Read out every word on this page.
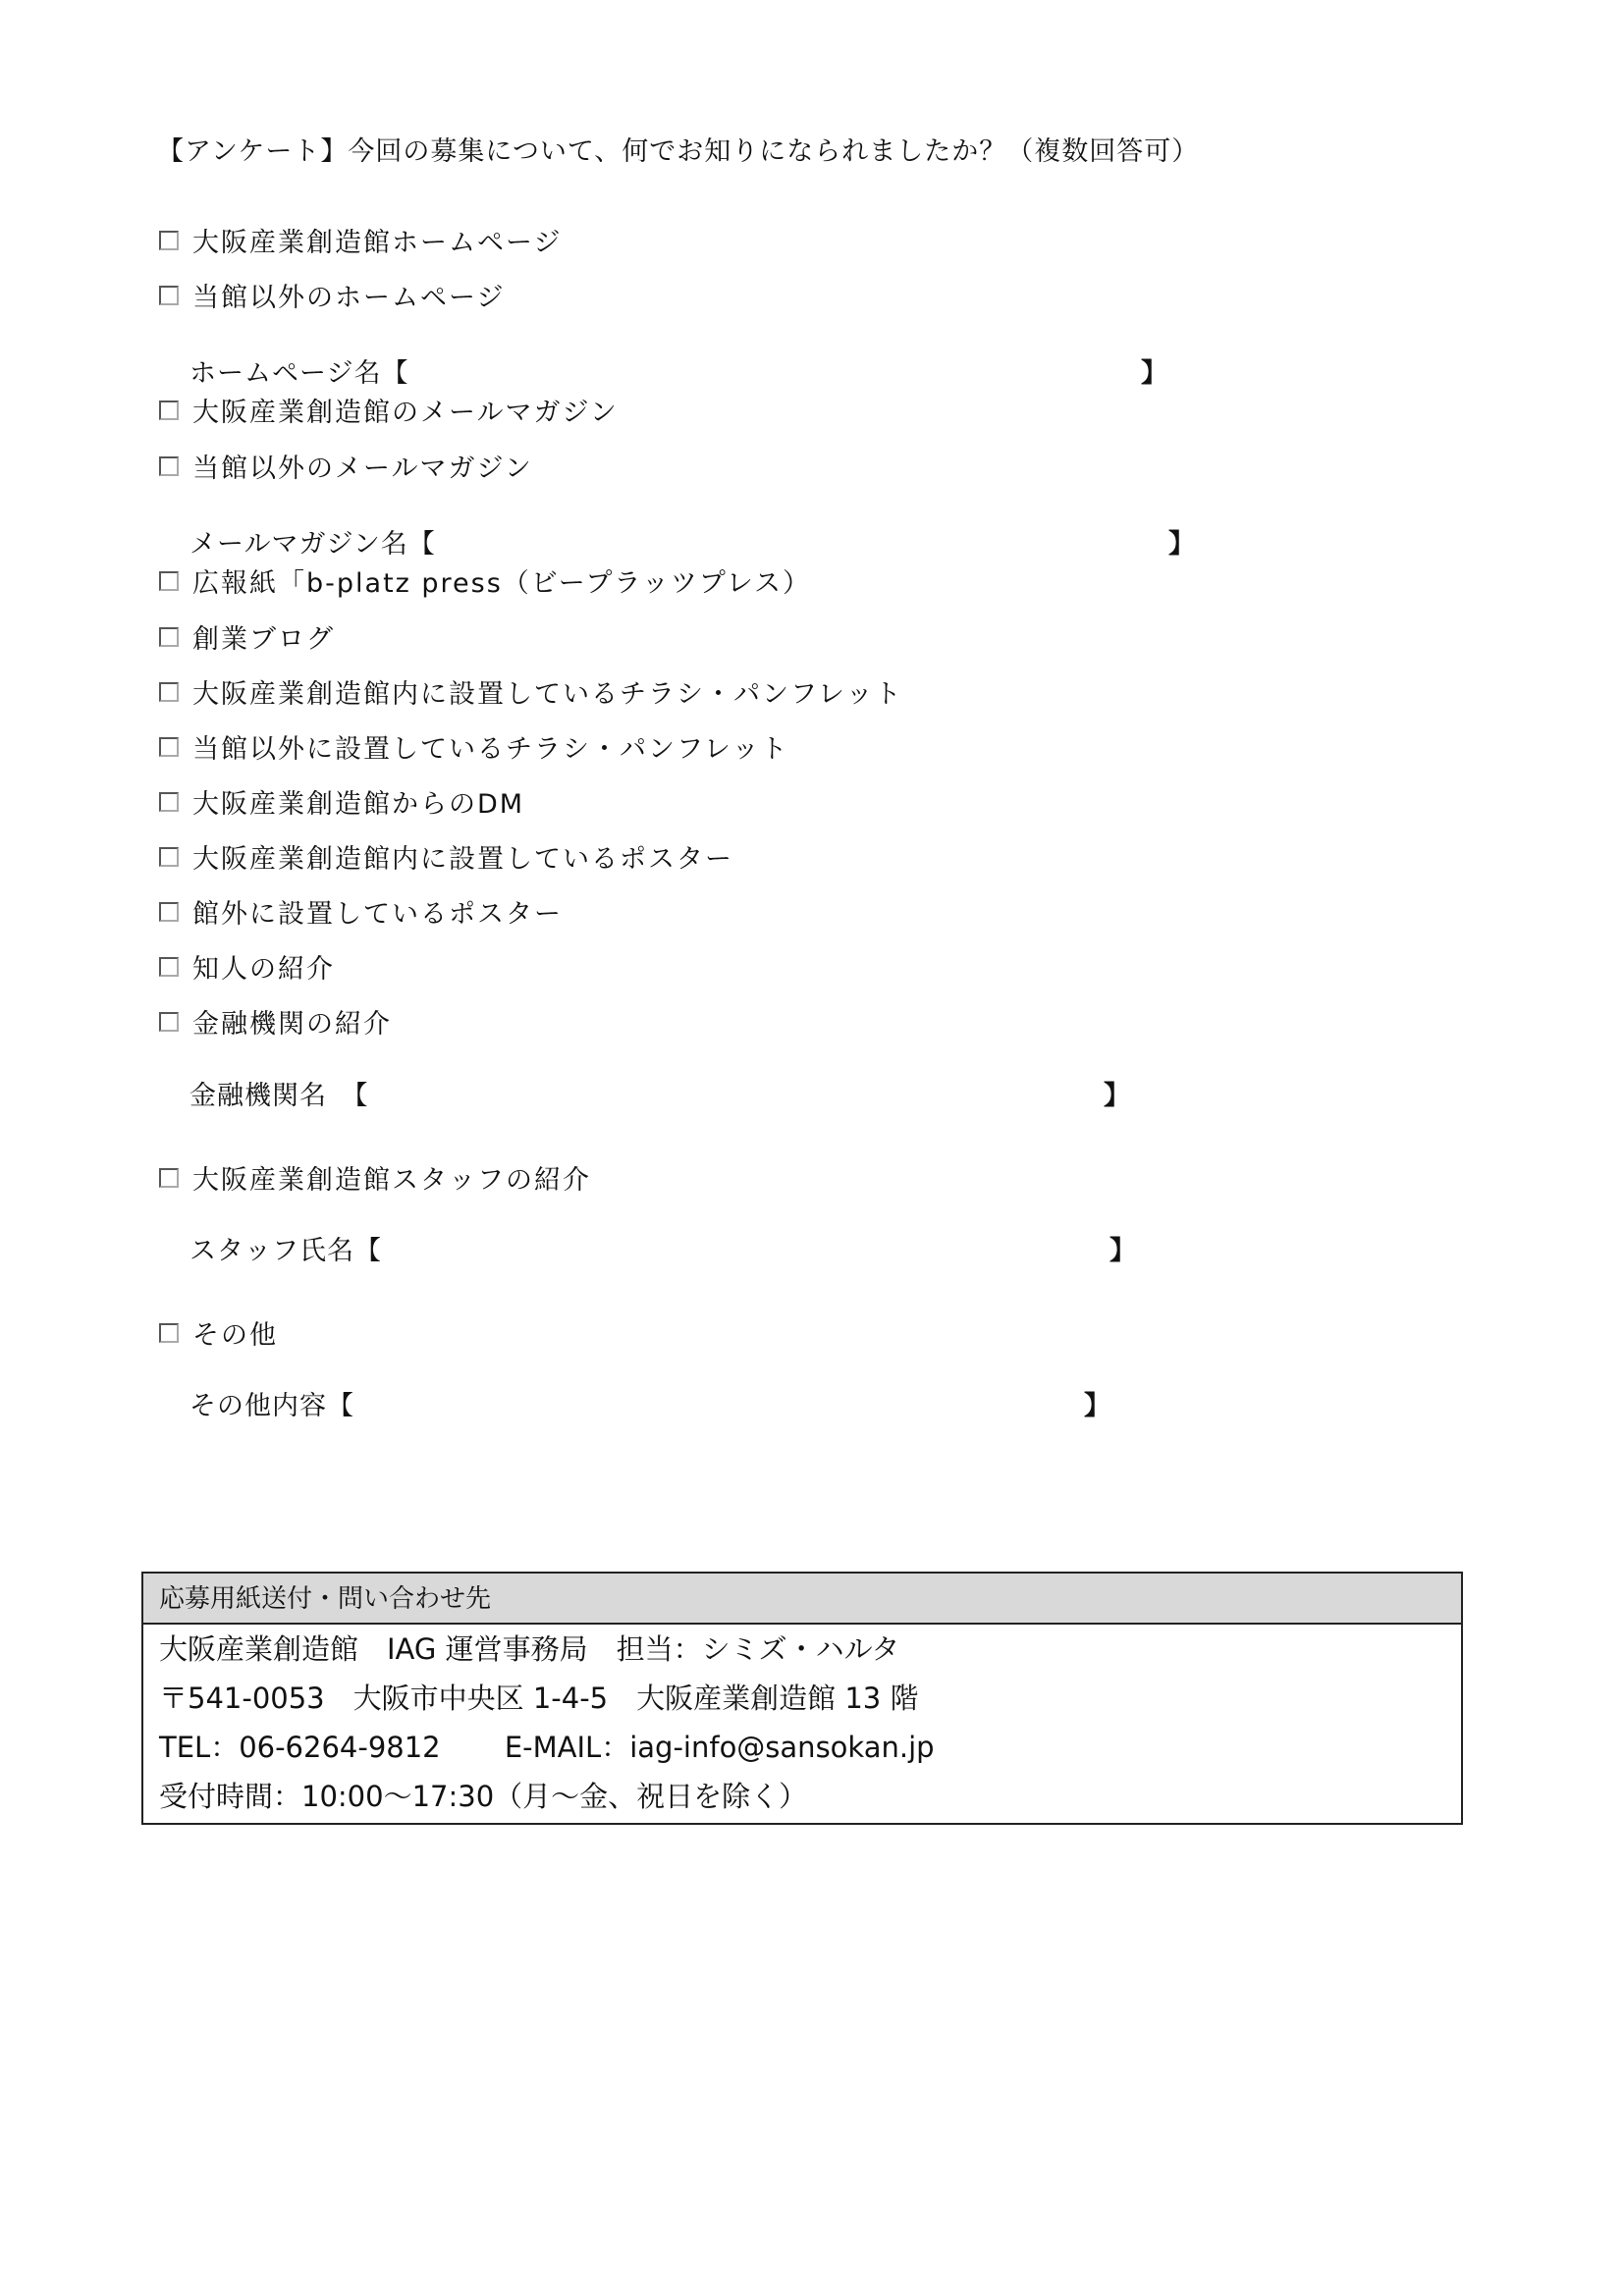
【アンケート】今回の募集について、何でお知りになられましたか？（複数回答可）
大阪産業創造館ホームページ
当館以外のホームページ
ホームページ名【	】
大阪産業創造館のメールマガジン
当館以外のメールマガジン
メールマガジン名【	】
広報紙「b-platz press（ビープラッツプレス）
創業ブログ
大阪産業創造館内に設置しているチラシ・パンフレット
当館以外に設置しているチラシ・パンフレット
大阪産業創造館からのDM
大阪産業創造館内に設置しているポスター
館外に設置しているポスター
知人の紹介
金融機関の紹介
金融機関名　【	】
大阪産業創造館スタッフの紹介
スタッフ氏名【	】
その他
その他内容【	】
応募用紙送付・問い合わせ先
大阪産業創造館　IAG 運営事務局　担当：シミズ・ハルタ
〒541-0053　大阪市中央区 1-4-5　大阪産業創造館 13 階
TEL：06-6264-9812 E-MAIL：iag-info@sansokan.jp
受付時間：10:00～17:30（月～金、祝日を除く）
